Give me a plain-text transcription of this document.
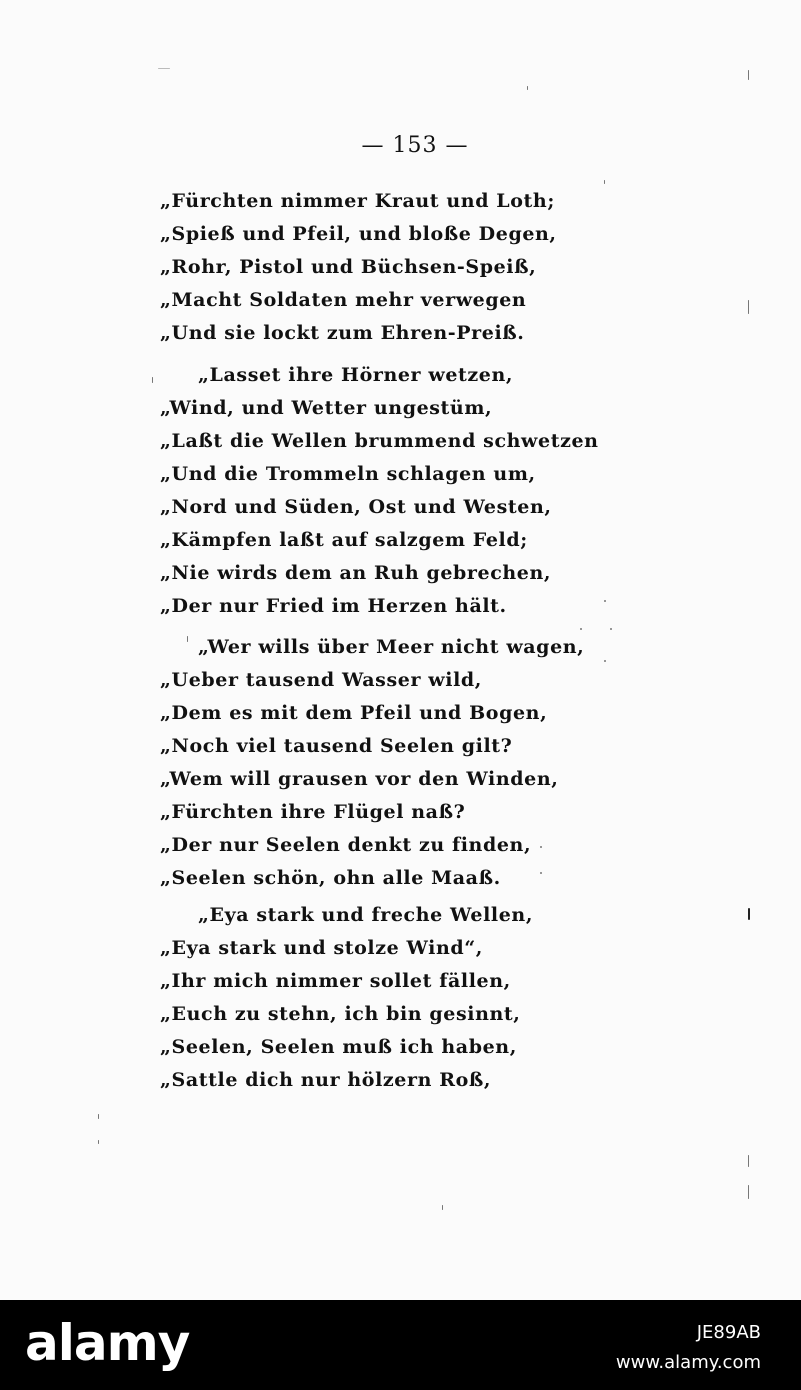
— 153 —
„Fürchten nimmer Kraut und Loth;
„Spieß und Pfeil, und bloße Degen,
„Rohr, Pistol und Büchsen-Speiß,
„Macht Soldaten mehr verwegen
„Und sie lockt zum Ehren-Preiß.
„Lasset ihre Hörner wetzen,
„Wind, und Wetter ungestüm,
„Laßt die Wellen brummend schwetzen
„Und die Trommeln schlagen um,
„Nord und Süden, Ost und Westen,
„Kämpfen laßt auf salzgem Feld;
„Nie wirds dem an Ruh gebrechen,
„Der nur Fried im Herzen hält.
„Wer wills über Meer nicht wagen,
„Ueber tausend Wasser wild,
„Dem es mit dem Pfeil und Bogen,
„Noch viel tausend Seelen gilt?
„Wem will grausen vor den Winden,
„Fürchten ihre Flügel naß?
„Der nur Seelen denkt zu finden,
„Seelen schön, ohn alle Maaß.
„Eya stark und freche Wellen,
„Eya stark und stolze Wind“,
„Ihr mich nimmer sollet fällen,
„Euch zu stehn, ich bin gesinnt,
„Seelen, Seelen muß ich haben,
„Sattle dich nur hölzern Roß,
alamy	JE89AB
www.alamy.com
